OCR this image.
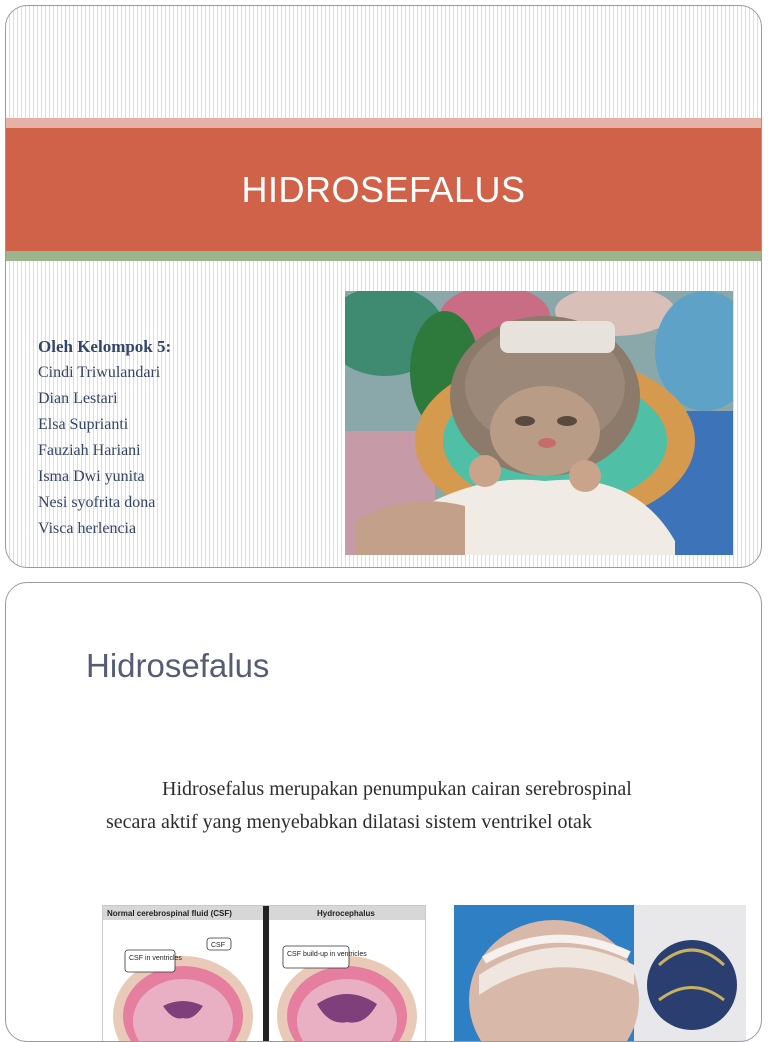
HIDROSEFALUS
Oleh Kelompok 5:
Cindi Triwulandari
Dian Lestari
Elsa Suprianti
Fauziah Hariani
Isma Dwi yunita
Nesi syofrita dona
Visca herlencia
Hidrosefalus
Hidrosefalus merupakan penumpukan cairan serebrospinal
secara aktif yang menyebabkan dilatasi sistem ventrikel otak
Normal cerebrospinal fluid (CSF)	Hydrocephalus
CSF in ventricles
CSF
CSF build-up in ventricles
